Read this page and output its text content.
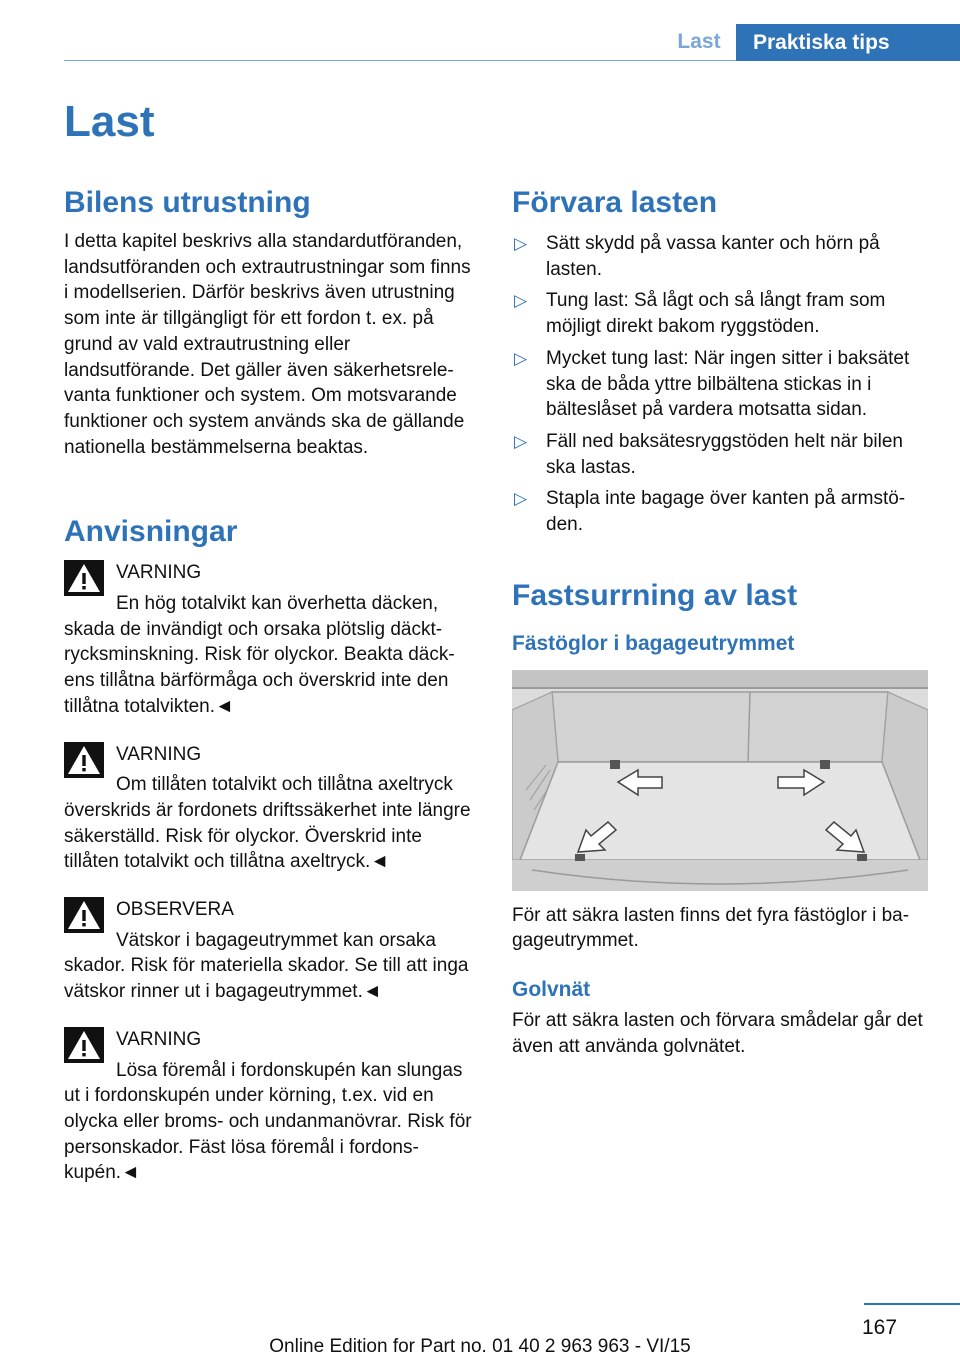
Last	Praktiska tips
Last
Bilens utrustning

I detta kapitel beskrivs alla standardutföranden, landsutföranden och extrautrustningar som finns i modellserien. Därför beskrivs även utrustning som inte är tillgängligt för ett fordon t. ex. på grund av vald extrautrustning eller landsutförande. Det gäller även säkerhetsrelevanta funktioner och system. Om motsvarande funktioner och system används ska de gällande nationella bestämmelserna beaktas.

Anvisningar
VARNING

En hög totalvikt kan överhetta däcken,

skada de invändigt och orsaka plötslig däcktrycksminskning. Risk för olyckor. Beakta däckens tillåtna bärförmåga och överskrid inte den tillåtna totalvikten.◄

VARNING

Om tillåten totalvikt och tillåtna axeltryck

överskrids är fordonets driftssäkerhet inte längre säkerställd. Risk för olyckor. Överskrid inte tillåten totalvikt och tillåtna axeltryck.◄

OBSERVERA

Vätskor i bagageutrymmet kan orsaka

skador. Risk för materiella skador. Se till att inga vätskor rinner ut i bagageutrymmet.◄

VARNING

Lösa föremål i fordonskupén kan slungas

ut i fordonskupén under körning, t.ex. vid en olycka eller broms- och undanmanövrar. Risk för personskador. Fäst lösa föremål i fordonskupén.◄

Förvara lasten
▷ Sätt skydd på vassa kanter och hörn på lasten.
▷ Tung last: Så lågt och så långt fram som möjligt direkt bakom ryggstöden.
▷ Mycket tung last: När ingen sitter i baksätet ska de båda yttre bilbältena stickas in i bälteslåset på vardera motsatta sidan.
▷ Fäll ned baksätesryggstöden helt när bilen ska lastas.
▷ Stapla inte bagage över kanten på armstöden.
Fastsurrning av last
Fästöglor i bagageutrymmet

För att säkra lasten finns det fyra fästöglor i bagageutrymmet.

Golvnät

För att säkra lasten och förvara smådelar går det även att använda golvnätet.

167
Online Edition for Part no. 01 40 2 963 963 - VI/15
